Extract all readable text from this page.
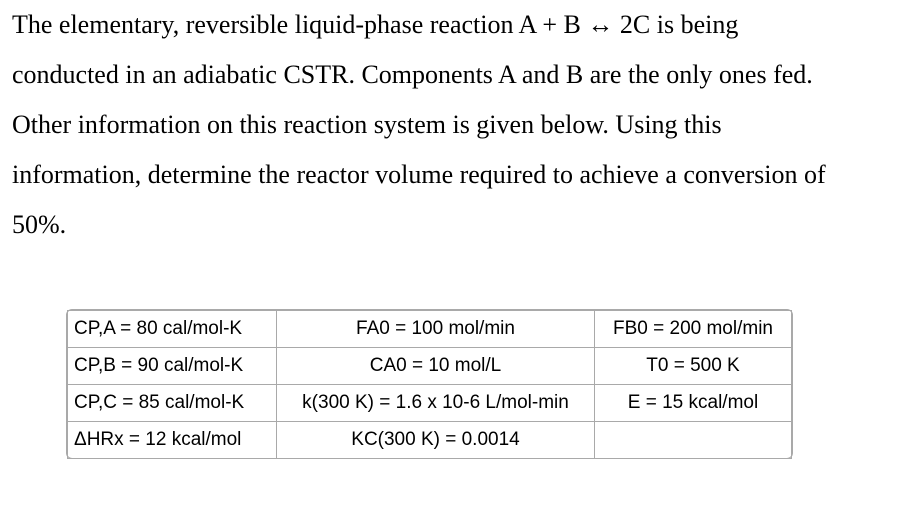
The elementary, reversible liquid-phase reaction A + B ↔ 2C is being

conducted in an adiabatic CSTR. Components A and B are the only ones fed.

Other information on this reaction system is given below. Using this

information, determine the reactor volume required to achieve a conversion of

50%.

CP,A = 80 cal/mol-K	FA0 = 100 mol/min	FB0 = 200 mol/min
CP,B = 90 cal/mol-K	CA0 = 10 mol/L	T0 = 500 K
CP,C = 85 cal/mol-K	k(300 K) = 1.6 x 10-6 L/mol-min	E = 15 kcal/mol
ΔHRx = 12 kcal/mol	KC(300 K) = 0.0014	
